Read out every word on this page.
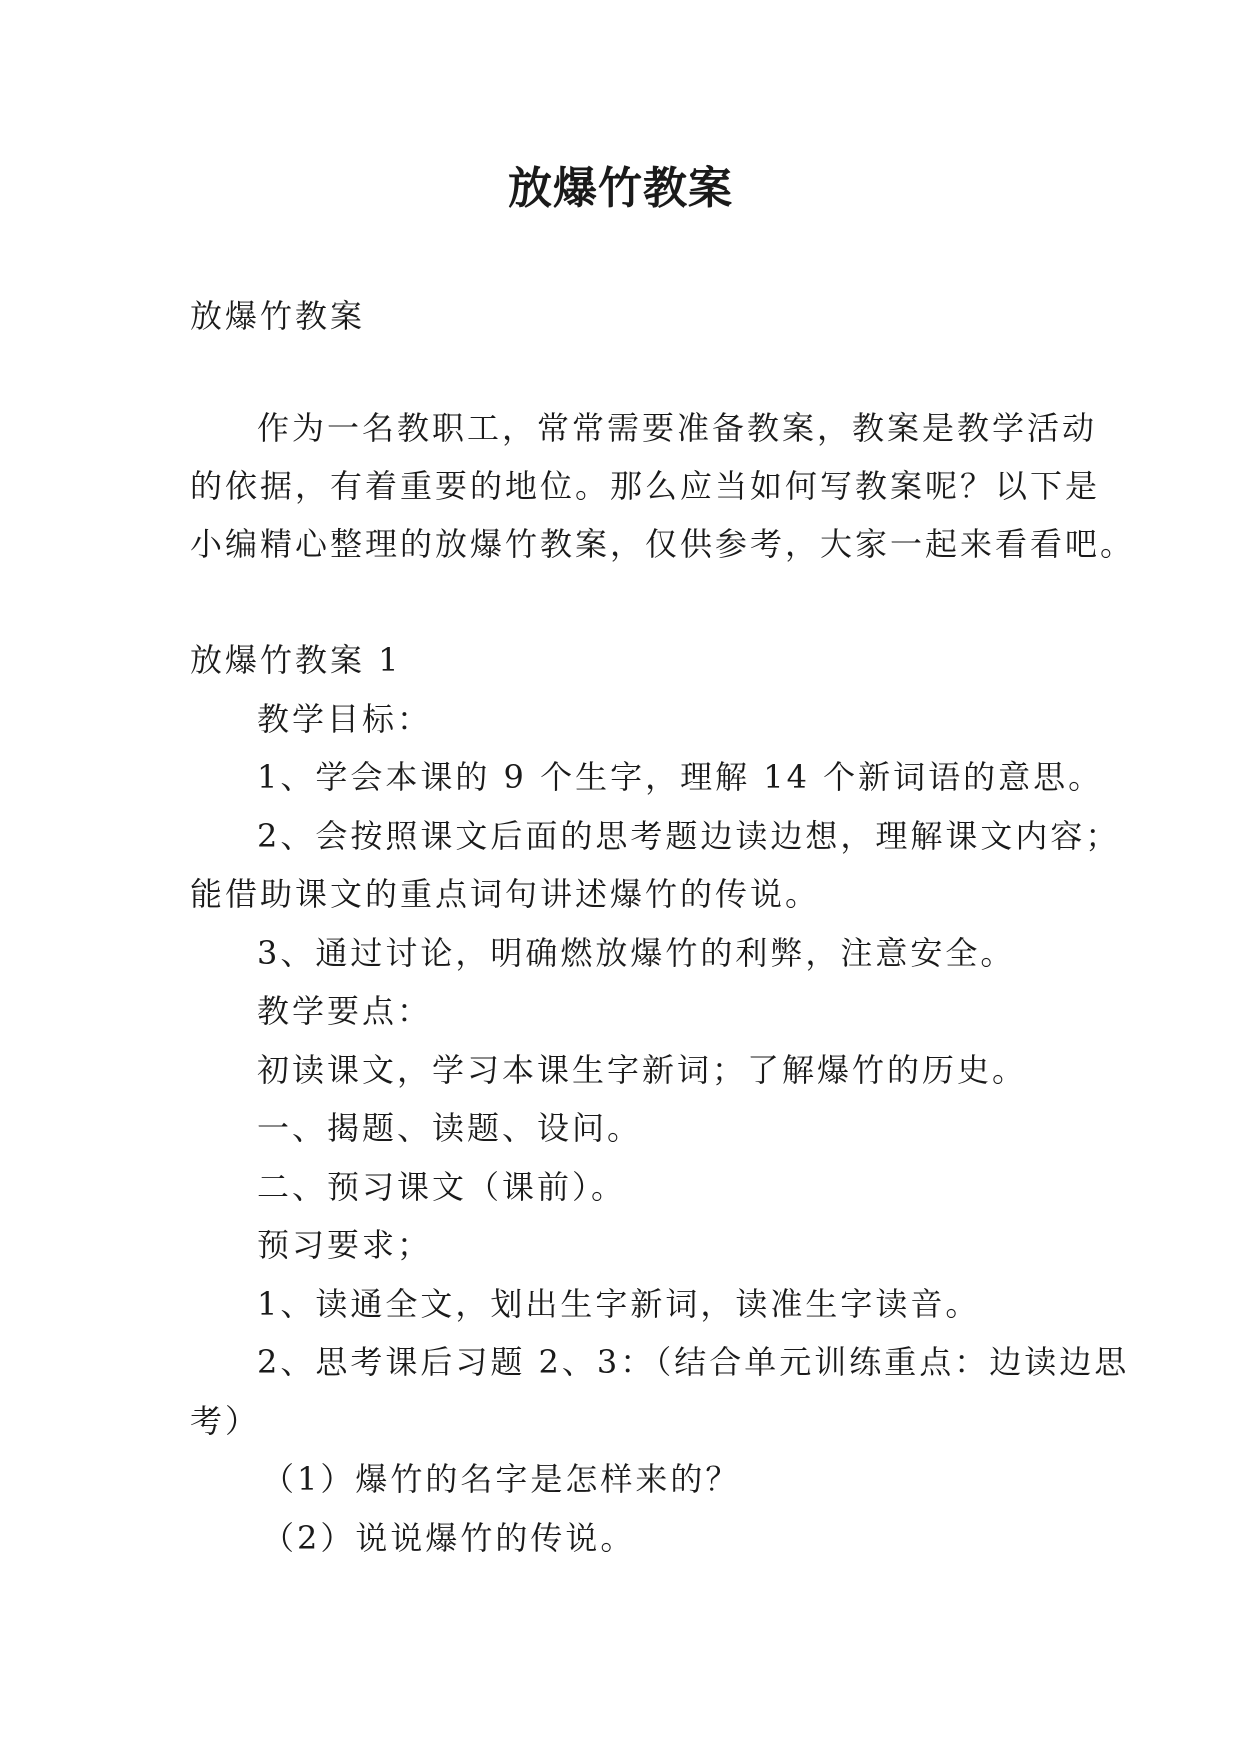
放爆竹教案
放爆竹教案
作为一名教职工，常常需要准备教案，教案是教学活动
的依据，有着重要的地位。那么应当如何写教案呢？以下是
小编精心整理的放爆竹教案，仅供参考，大家一起来看看吧。
放爆竹教案 1
教学目标：
1、学会本课的 9 个生字，理解 14 个新词语的意思。
2、会按照课文后面的思考题边读边想，理解课文内容；
能借助课文的重点词句讲述爆竹的传说。
3、通过讨论，明确燃放爆竹的利弊，注意安全。
教学要点：
初读课文，学习本课生字新词；了解爆竹的历史。
一、揭题、读题、设问。
二、预习课文（课前）。
预习要求；
1、读通全文，划出生字新词，读准生字读音。
2、思考课后习题 2、3：（结合单元训练重点：边读边思
考）
（1）爆竹的名字是怎样来的？
（2）说说爆竹的传说。
